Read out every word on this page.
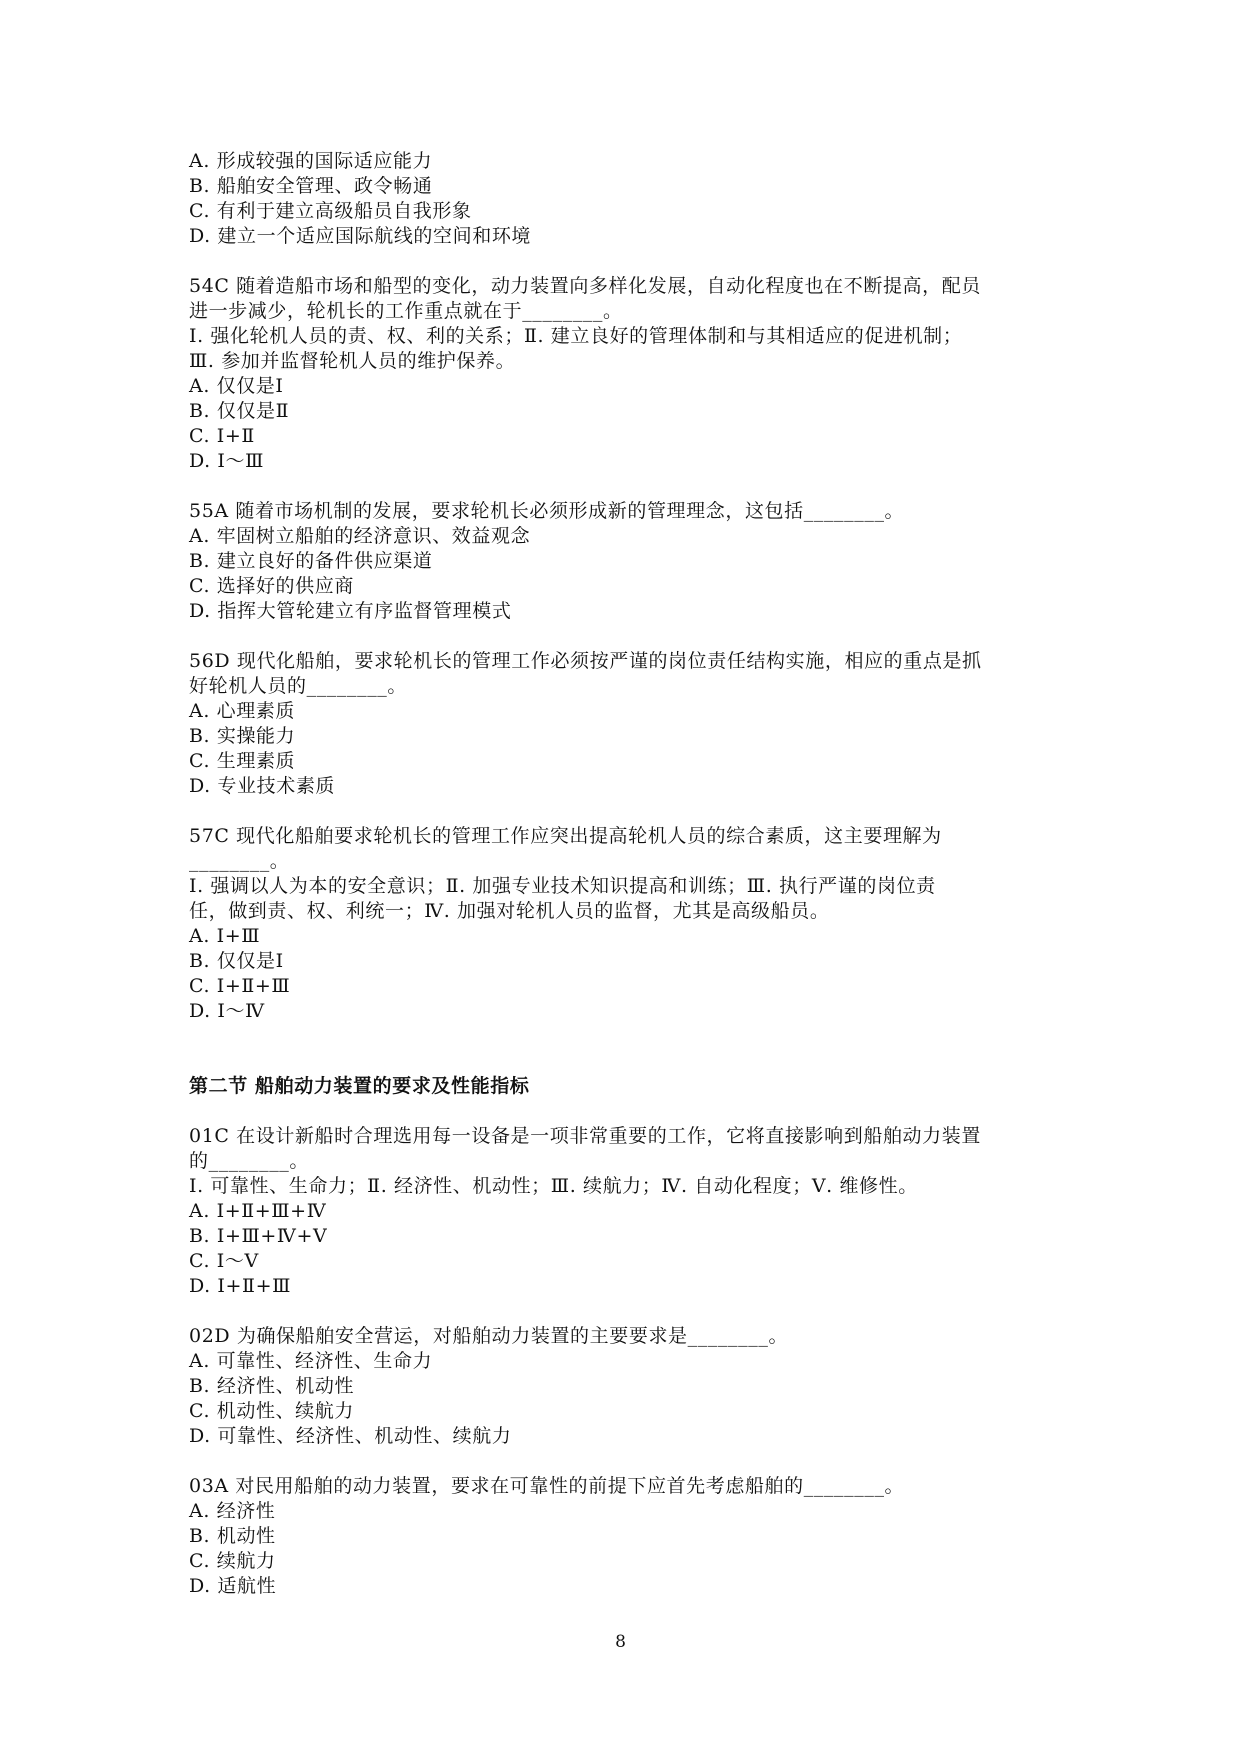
A. 形成较强的国际适应能力
B. 船舶安全管理、政令畅通
C. 有利于建立高级船员自我形象
D. 建立一个适应国际航线的空间和环境
54C 随着造船市场和船型的变化，动力装置向多样化发展，自动化程度也在不断提高，配员
进一步减少，轮机长的工作重点就在于________。
Ⅰ. 强化轮机人员的责、权、利的关系；Ⅱ. 建立良好的管理体制和与其相适应的促进机制；
Ⅲ. 参加并监督轮机人员的维护保养。
A. 仅仅是Ⅰ
B. 仅仅是Ⅱ
C. Ⅰ+Ⅱ
D. Ⅰ～Ⅲ
55A 随着市场机制的发展，要求轮机长必须形成新的管理理念，这包括________。
A. 牢固树立船舶的经济意识、效益观念
B. 建立良好的备件供应渠道
C. 选择好的供应商
D. 指挥大管轮建立有序监督管理模式
56D 现代化船舶，要求轮机长的管理工作必须按严谨的岗位责任结构实施，相应的重点是抓
好轮机人员的________。
A. 心理素质
B. 实操能力
C. 生理素质
D. 专业技术素质
57C 现代化船舶要求轮机长的管理工作应突出提高轮机人员的综合素质，这主要理解为
________。
Ⅰ. 强调以人为本的安全意识；Ⅱ. 加强专业技术知识提高和训练；Ⅲ. 执行严谨的岗位责
任，做到责、权、利统一；Ⅳ. 加强对轮机人员的监督，尤其是高级船员。
A. Ⅰ+Ⅲ
B. 仅仅是Ⅰ
C. Ⅰ+Ⅱ+Ⅲ
D. Ⅰ～Ⅳ
第二节 船舶动力装置的要求及性能指标
01C 在设计新船时合理选用每一设备是一项非常重要的工作，它将直接影响到船舶动力装置
的________。
Ⅰ. 可靠性、生命力；Ⅱ. 经济性、机动性；Ⅲ. 续航力；Ⅳ. 自动化程度；Ⅴ. 维修性。
A. Ⅰ+Ⅱ+Ⅲ+Ⅳ
B. Ⅰ+Ⅲ+Ⅳ+Ⅴ
C. Ⅰ～Ⅴ
D. Ⅰ+Ⅱ+Ⅲ
02D 为确保船舶安全营运，对船舶动力装置的主要要求是________。
A. 可靠性、经济性、生命力
B. 经济性、机动性
C. 机动性、续航力
D. 可靠性、经济性、机动性、续航力
03A 对民用船舶的动力装置，要求在可靠性的前提下应首先考虑船舶的________。
A. 经济性
B. 机动性
C. 续航力
D. 适航性
8
